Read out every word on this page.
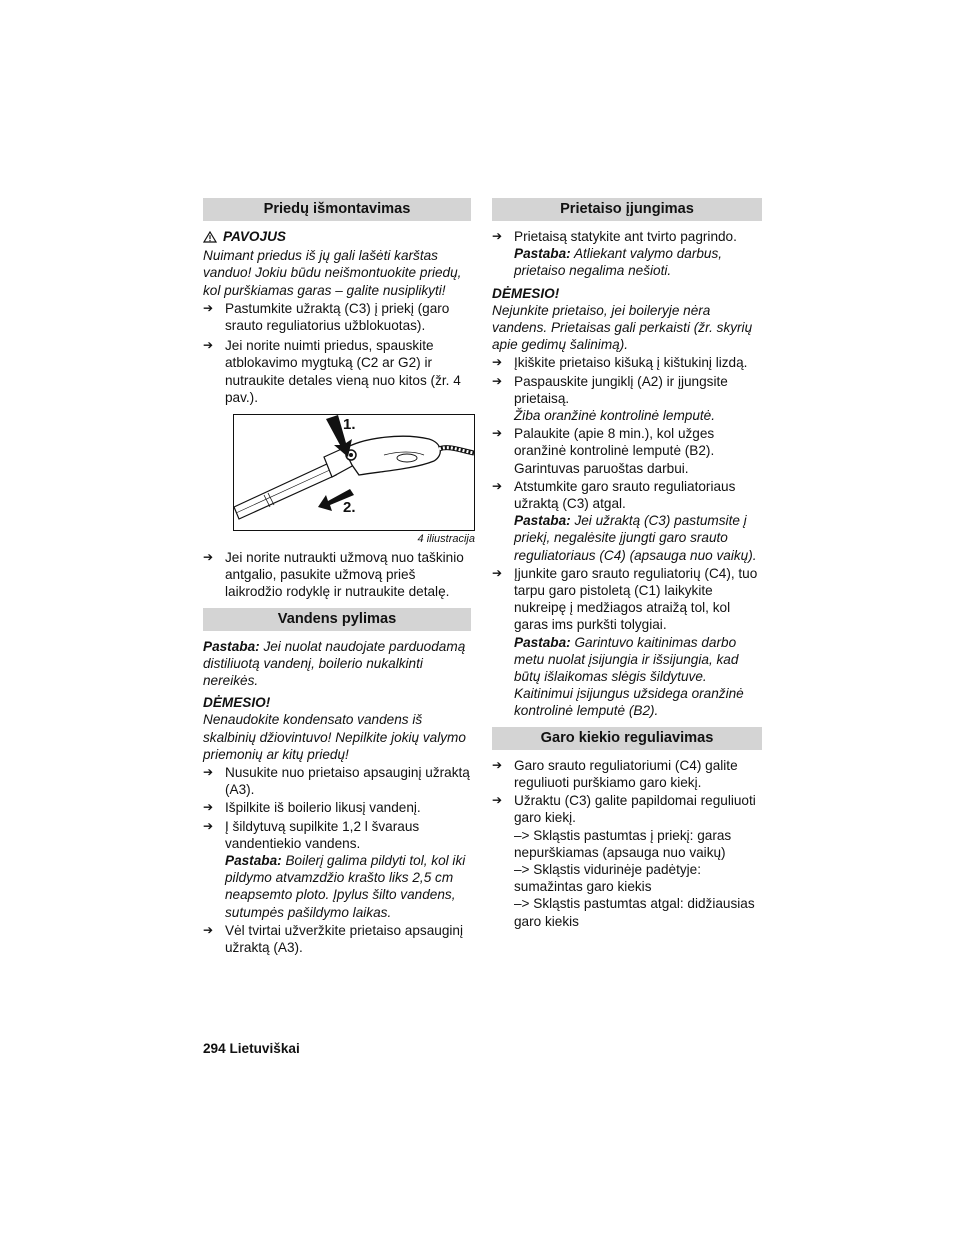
Priedų išmontavimas
PAVOJUS

Nuimant priedus iš jų gali lašėti karštas vanduo! Jokiu būdu neišmontuokite priedų, kol purškiamas garas – galite nusiplikyti!

➔ Pastumkite užraktą (C3) į priekį (garo srauto reguliatorius užblokuotas).
➔ Jei norite nuimti priedus, spauskite atblokavimo mygtuką (C2 ar G2) ir nutraukite detales vieną nuo kitos (žr. 4 pav.).
1.
2.
4 iliustracija
➔ Jei norite nutraukti užmovą nuo taškinio antgalio, pasukite užmovą prieš laikrodžio rodyklę ir nutraukite detalę.
Vandens pylimas

Pastaba: Jei nuolat naudojate parduodamą distiliuotą vandenį, boilerio nukalkinti nereikės.

DĖMESIO!

Nenaudokite kondensato vandens iš skalbinių džiovintuvo! Nepilkite jokių valymo priemonių ar kitų priedų!

➔ Nusukite nuo prietaiso apsauginį užraktą (A3).
➔ Išpilkite iš boilerio likusį vandenį.
➔ Į šildytuvą supilkite 1,2 l švaraus vandentiekio vandens.

Pastaba: Boilerį galima pildyti tol, kol iki pildymo atvamzdžio krašto liks 2,5 cm neapsemto ploto. Įpylus šilto vandens, sutumpės pašildymo laikas.

➔ Vėl tvirtai užveržkite prietaiso apsauginį užraktą (A3).
Prietaiso įjungimas
➔ Prietaisą statykite ant tvirto pagrindo.

Pastaba: Atliekant valymo darbus, prietaiso negalima nešioti.

DĖMESIO!

Nejunkite prietaiso, jei boileryje nėra vandens. Prietaisas gali perkaisti (žr. skyrių apie gedimų šalinimą).

➔ Įkiškite prietaiso kišuką į kištukinį lizdą.
➔ Paspauskite jungiklį (A2) ir įjungsite prietaisą.

Žiba oranžinė kontrolinė lemputė.

➔ Palaukite (apie 8 min.), kol užges oranžinė kontrolinė lemputė (B2).

Garintuvas paruoštas darbui.

➔ Atstumkite garo srauto reguliatoriaus užraktą (C3) atgal.

Pastaba: Jei užraktą (C3) pastumsite į priekį, negalėsite įjungti garo srauto reguliatoriaus (C4) (apsauga nuo vaikų).

➔ Įjunkite garo srauto reguliatorių (C4), tuo tarpu garo pistoletą (C1) laikykite nukreipę į medžiagos atraižą tol, kol garas ims purkšti tolygiai.

Pastaba: Garintuvo kaitinimas darbo metu nuolat įsijungia ir išsijungia, kad būtų išlaikomas slėgis šildytuve. Kaitinimui įsijungus užsidega oranžinė kontrolinė lemputė (B2).

Garo kiekio reguliavimas
➔ Garo srauto reguliatoriumi (C4) galite reguliuoti purškiamo garo kiekį.
➔ Užraktu (C3) galite papildomai reguliuoti garo kiekį.

–> Skląstis pastumtas į priekį: garas nepurškiamas (apsauga nuo vaikų)

–> Skląstis vidurinėje padėtyje: sumažintas garo kiekis

–> Skląstis pastumtas atgal: didžiausias garo kiekis

294 Lietuviškai
